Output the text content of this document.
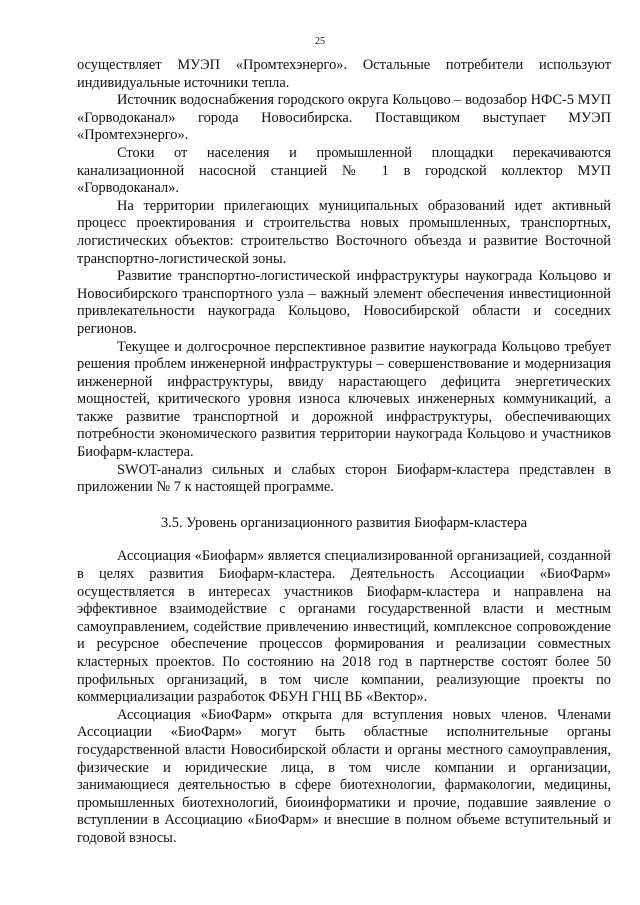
25

осуществляет МУЭП «Промтехэнерго». Остальные потребители используют индивидуальные источники тепла.

Источник водоснабжения городского округа Кольцово – водозабор НФС-5 МУП «Горводоканал» города Новосибирска. Поставщиком выступает МУЭП «Промтехэнерго».

Стоки от населения и промышленной площадки перекачиваются канализационной насосной станцией № 1 в городской коллектор МУП «Горводоканал».

На территории прилегающих муниципальных образований идет активный процесс проектирования и строительства новых промышленных, транспортных, логистических объектов: строительство Восточного объезда и развитие Восточной транспортно-логистической зоны.

Развитие транспортно-логистической инфраструктуры наукограда Кольцово и Новосибирского транспортного узла – важный элемент обеспечения инвестиционной привлекательности наукограда Кольцово, Новосибирской области и соседних регионов.

Текущее и долгосрочное перспективное развитие наукограда Кольцово требует решения проблем инженерной инфраструктуры – совершенствование и модернизация инженерной инфраструктуры, ввиду нарастающего дефицита энергетических мощностей, критического уровня износа ключевых инженерных коммуникаций, а также развитие транспортной и дорожной инфраструктуры, обеспечивающих потребности экономического развития территории наукограда Кольцово и участников Биофарм-кластера.

SWOT-анализ сильных и слабых сторон Биофарм-кластера представлен в приложении № 7 к настоящей программе.

3.5. Уровень организационного развития Биофарм-кластера

Ассоциация «Биофарм» является специализированной организацией, созданной в целях развития Биофарм-кластера. Деятельность Ассоциации «БиоФарм» осуществляется в интересах участников Биофарм-кластера и направлена на эффективное взаимодействие с органами государственной власти и местным самоуправлением, содействие привлечению инвестиций, комплексное сопровождение и ресурсное обеспечение процессов формирования и реализации совместных кластерных проектов. По состоянию на 2018 год в партнерстве состоят более 50 профильных организаций, в том числе компании, реализующие проекты по коммерциализации разработок ФБУН ГНЦ ВБ «Вектор».

Ассоциация «БиоФарм» открыта для вступления новых членов. Членами Ассоциации «БиоФарм» могут быть областные исполнительные органы государственной власти Новосибирской области и органы местного самоуправления, физические и юридические лица, в том числе компании и организации, занимающиеся деятельностью в сфере биотехнологии, фармакологии, медицины, промышленных биотехнологий, биоинформатики и прочие, подавшие заявление о вступлении в Ассоциацию «БиоФарм» и внесшие в полном объеме вступительный и годовой взносы.
